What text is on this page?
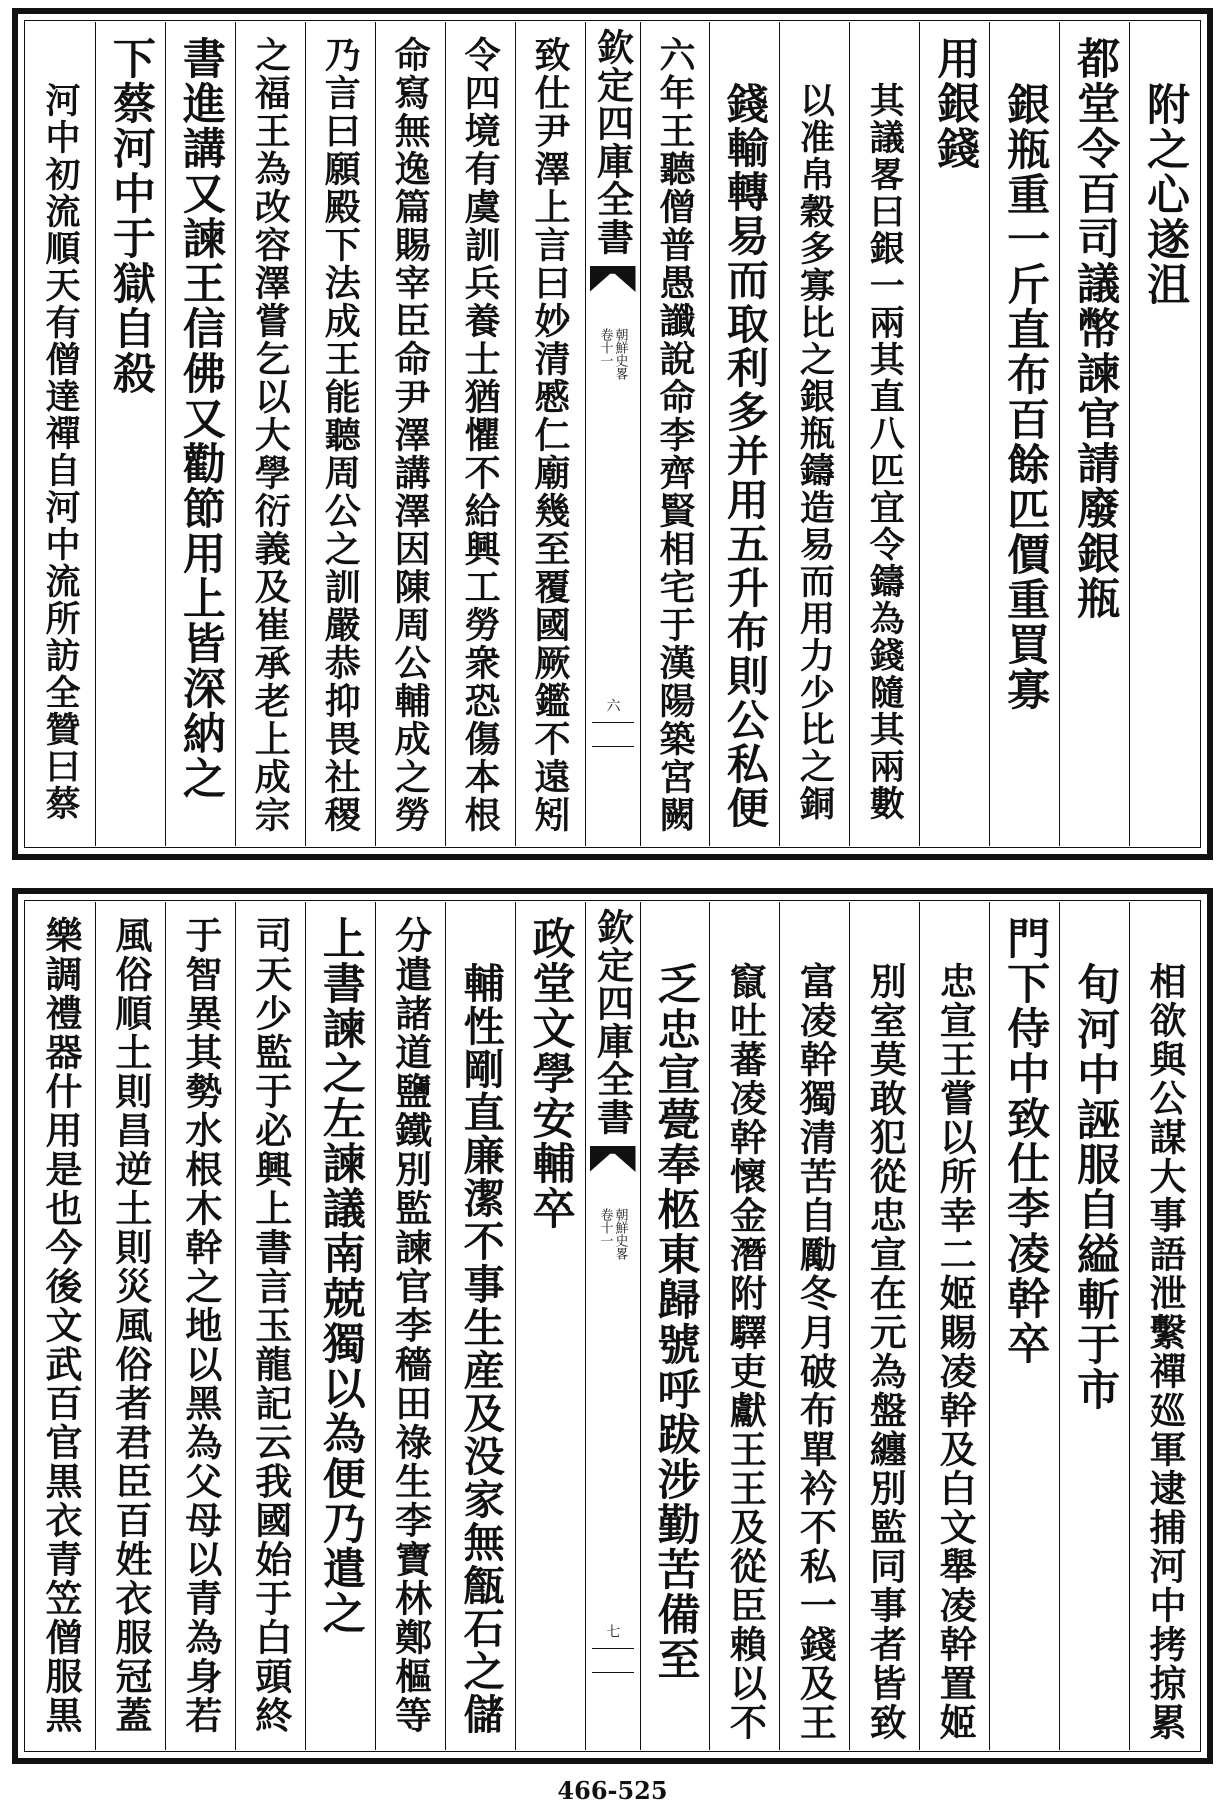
附之心遂沮
都堂令百司議幣諫官請廢銀瓶
銀瓶重一斤直布百餘匹價重買寡
用銀錢
其議畧曰銀一兩其直八匹宜令鑄為錢隨其兩數
以准帛穀多寡比之銀瓶鑄造易而用力少比之銅
錢輸轉易而取利多并用五升布則公私便
六年王聽僧普愚讖說命李齊賢相宅于漢陽築宮闕
欽定四庫全書
朝鮮史畧
卷十一
六
致仕尹澤上言曰妙清慼仁廟幾至覆國厥鑑不遠矧
令四境有虞訓兵養士猶懼不給興工勞衆恐傷本根
命寫無逸篇賜宰臣命尹澤講澤因陳周公輔成之勞
乃言曰願殿下法成王能聽周公之訓嚴恭抑畏社稷
之福王為改容澤嘗乞以大學衍義及崔承老上成宗
書進講又諫王信佛又勸節用上皆深納之
下蔡河中于獄自殺
河中初流順天有僧達禪自河中流所訪全贊曰蔡
相欲與公謀大事語泄繫禪廵軍逮捕河中拷掠累
旬河中誣服自縊斬于市
門下侍中致仕李凌幹卒
忠宣王嘗以所幸二姬賜凌幹及白文舉凌幹置姬
別室莫敢犯從忠宣在元為盤纏別監同事者皆致
富凌幹獨清苦自勵冬月破布單衿不私一錢及王
竄吐蕃凌幹懷金潛附驛吏獻王王及從臣賴以不
乏忠宣甍奉柩東歸號呼跋涉勤苦備至
欽定四庫全書
朝鮮史畧
卷十一
七
政堂文學安輔卒
輔性剛直廉潔不事生産及没家無甔石之儲
分遣諸道鹽鐵別監諫官李穡田祿生李寶林鄭樞等
上書諫之左諫議南兢獨以為便乃遣之
司天少監于必興上書言玉龍記云我國始于白頭終
于智異其勢水根木幹之地以黑為父母以青為身若
風俗順土則昌逆土則災風俗者君臣百姓衣服冠蓋
樂調禮器什用是也今後文武百官黒衣青笠僧服黒
466-525
